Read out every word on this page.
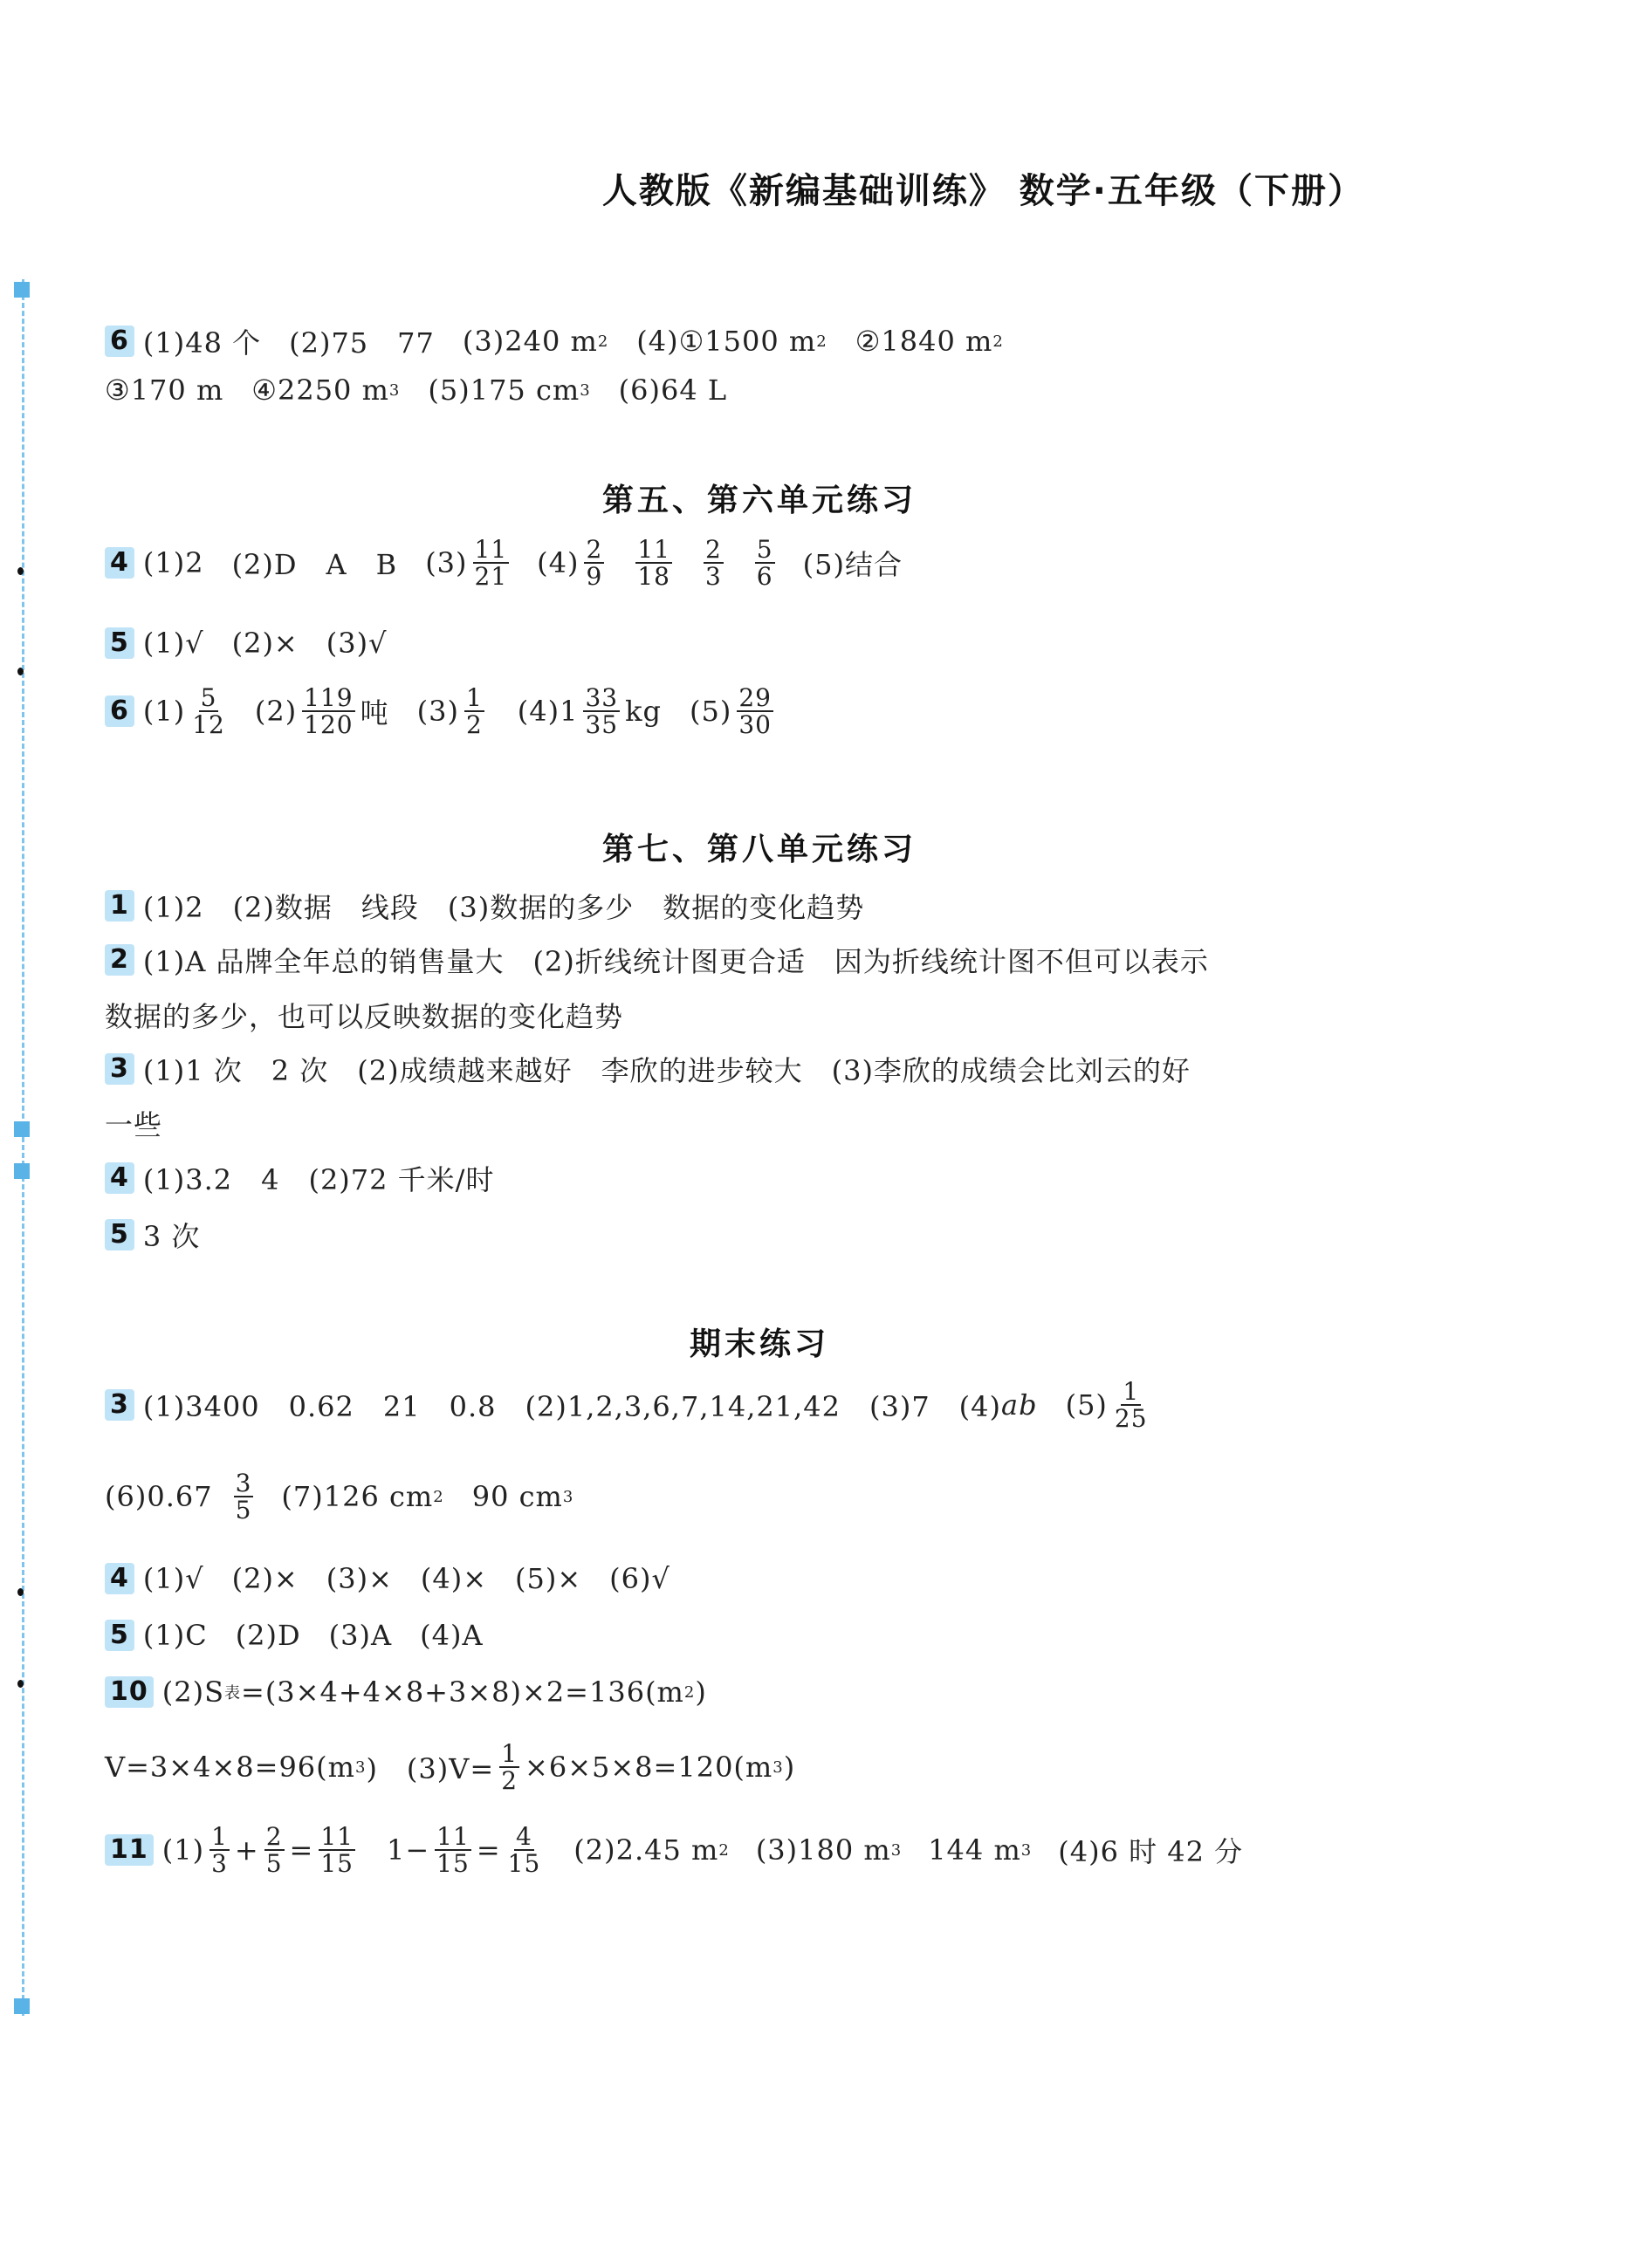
人教版《新编基础训练》 数学·五年级（下册）
6 (1)48 个 (2)75　77 (3)240 m 2 (4)①1500 m 2 ②1840 m 2
③170 m ④2250 m 3 (5)175 cm 3 (6)64 L
第五、第六单元练习
4 (1)2 (2)D　A　B $(3) \frac{11}{21} (4) \frac{2}{9} \frac{11}{18} \frac{2}{3} \frac{5}{6} (5)$结合
5 (1)√ (2)× (3)√
6 $(1) \frac{5}{12} (2) \frac{119}{120}$ 吨 $(3) \frac{1}{2} (4)1 \frac{33}{35}$ kg $(5) \frac{29}{30}$
第七、第八单元练习
1 (1)2　(2)数据　线段　(3)数据的多少　数据的变化趋势
2 (1)A 品牌全年总的销售量大　(2)折线统计图更合适　因为折线统计图不但可以表示
数据的多少，也可以反映数据的变化趋势
3 (1)1 次　2 次　(2)成绩越来越好　李欣的进步较大　(3)李欣的成绩会比刘云的好
一些
4 (1)3.2　4　(2)72 千米/时
5 3 次
期末练习
3 (1)3400　0.62　21　0.8　(2)1,2,3,6,7,14,21,42　(3)7　(4) ab $(5) \frac{1}{25}$
$(6)0.67 \frac{3}{5} (7)126$ cm 2 90 cm 3
4 (1)√ (2)× (3)× (4)× (5)× (6)√
5 (1)C (2)D (3)A (4)A
10 (2)S 表 =(3×4+4×8+3×8)×2=136(m 2 )
V=3×4×8=96(m 3 )　$(3)V= \frac{1}{2} \times 6\times 5\times 8=120(m$ 3 )
11 $(1) \frac{1}{3} + \frac{2}{5} = \frac{11}{15} 1- \frac{11}{15} = \frac{4}{15} (2)2.45$ m 2 (3)180 m 3 144 m 3 (4)6 时 42 分
